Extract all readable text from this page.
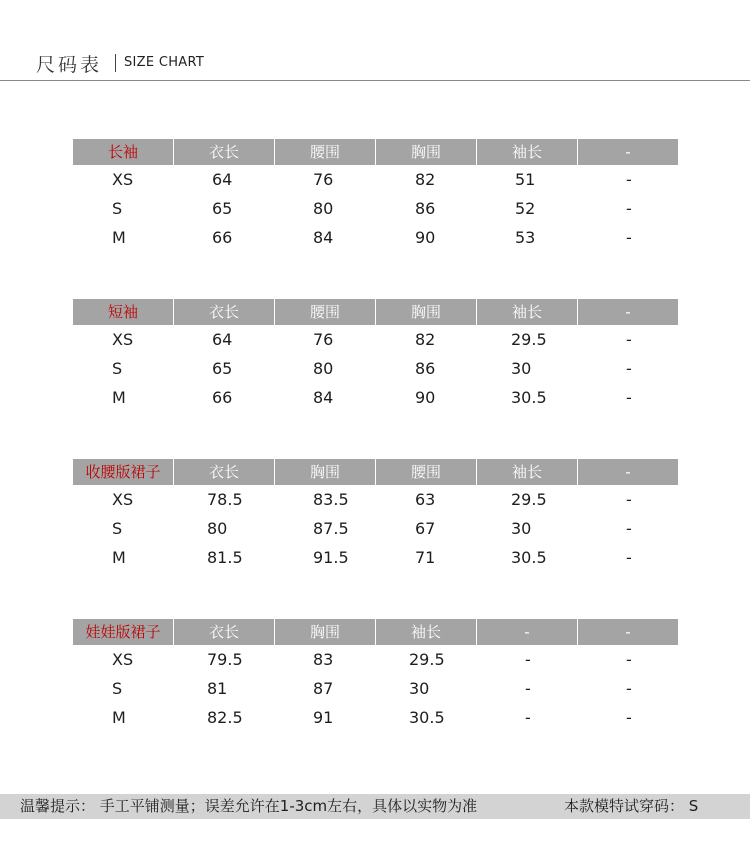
尺码表 SIZE CHART
长袖	衣长	腰围	胸围	袖长	-
XS	64	76	82	51	-
S	65	80	86	52	-
M	66	84	90	53	-
短袖	衣长	腰围	胸围	袖长	-
XS	64	76	82	29.5	-
S	65	80	86	30	-
M	66	84	90	30.5	-
收腰版裙子	衣长	胸围	腰围	袖长	-
XS	78.5	83.5	63	29.5	-
S	80	87.5	67	30	-
M	81.5	91.5	71	30.5	-
娃娃版裙子	衣长	胸围	袖长	-	-
XS	79.5	83	29.5	-	-
S	81	87	30	-	-
M	82.5	91	30.5	-	-
温馨提示： 手工平铺测量；误差允许在1-3cm左右，具体以实物为准	本款模特试穿码： S
